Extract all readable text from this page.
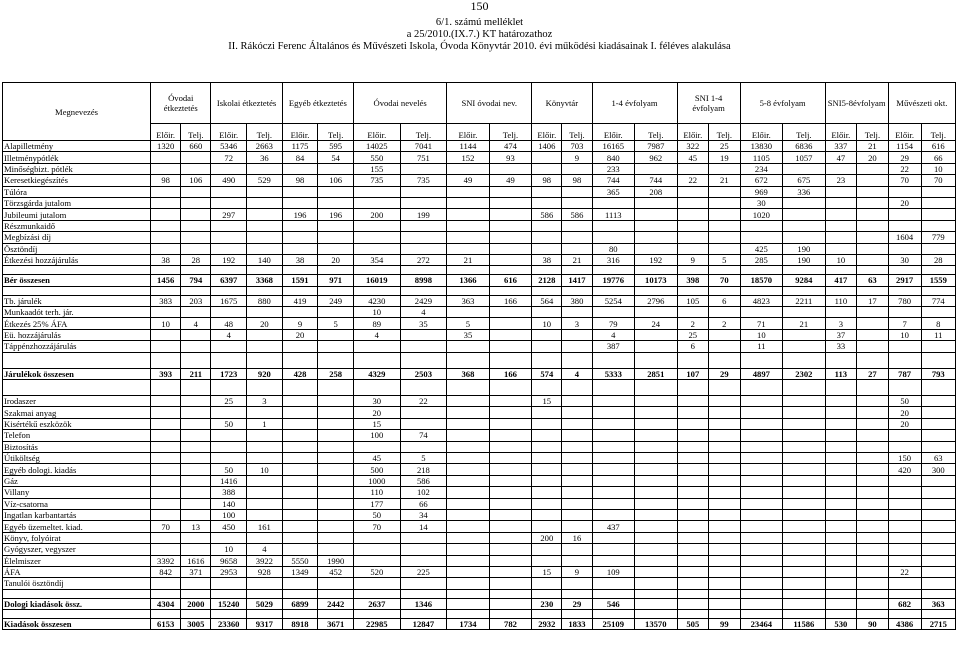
150
6/1. számú melléklet
a 25/2010.(IX.7.) KT határozathoz
II. Rákóczi Ferenc Általános és Művészeti Iskola, Óvoda Könyvtár 2010. évi működési kiadásainak I. féléves alakulása
Megnevezés	Óvodai étkeztetés		Iskolai étkeztetés		Egyéb étkeztetés		Óvodai nevelés		SNI óvodai nev.		Könyvtár		1-4 évfolyam		SNI 1-4 évfolyam		5-8 évfolyam		SNI5-8évfolyam		Művészeti okt.	
	Előir.	Telj.	Előir.	Telj.	Előir.	Telj.	Előir.	Telj.	Előir.	Telj.	Előir.	Telj.	Előir.	Telj.	Előir.	Telj.	Előir.	Telj.	Előir.	Telj.	Előir.	Telj.
Alapilletmény	1320	660	5346	2663	1175	595	14025	7041	1144	474	1406	703	16165	7987	322	25	13830	6836	337	21	1154	616
Illetménypótlék			72	36	84	54	550	751	152	93		9	840	962	45	19	1105	1057	47	20	29	66
Minőségbizt. pótlék							155						233				234				22	10
Keresetkiegészítés	98	106	490	529	98	106	735	735	49	49	98	98	744	744	22	21	672	675	23		70	70
Túlóra													365	208			969	336				
Törzsgárda jutalom																	30				20	
Jubileumi jutalom			297		196	196	200	199			586	586	1113				1020					
Részmunkaidő																						
Megbízási díj																					1604	779
Ösztöndíj													80				425	190				
Étkezési hozzájárulás	38	28	192	140	38	20	354	272	21		38	21	316	192	9	5	285	190	10		30	28

Bér összesen	1456	794	6397	3368	1591	971	16019	8998	1366	616	2128	1417	19776	10173	398	70	18570	9284	417	63	2917	1559

Tb. járulék	383	203	1675	880	419	249	4230	2429	363	166	564	380	5254	2796	105	6	4823	2211	110	17	780	774
Munkaadót terh. jár.							10	4														
Étkezés 25% ÁFA	10	4	48	20	9	5	89	35	5		10	3	79	24	2	2	71	21	3		7	8
Eü. hozzájárulás			4		20		4		35				4		25		10		37		10	11
Táppénzhozzájárulás													387		6		11		33			

Járulékok összesen	393	211	1723	920	428	258	4329	2503	368	166	574	4	5333	2851	107	29	4897	2302	113	27	787	793

Irodaszer			25	3			30	22			15										50	
Szakmai anyag							20														20	
Kisértékű eszközök			50	1			15														20	
Telefon							100	74														
Biztosítás																						
Útiköltség							45	5													150	63
Egyéb dologi. kiadás			50	10			500	218													420	300
Gáz			1416				1000	586														
Villany			388				110	102														
Víz-csatorna			140				177	66														
Ingatlan karbantartás			100				50	34														
Egyéb üzemeltet. kiad.	70	13	450	161			70	14					437									
Könyv, folyóirat											200	16										
Gyógyszer, vegyszer			10	4																		
Élelmiszer	3392	1616	9658	3922	5550	1990																
ÁFA	842	371	2953	928	1349	452	520	225			15	9	109								22	
Tanulói ösztöndíj																						

Dologi kiadások össz.	4304	2000	15240	5029	6899	2442	2637	1346			230	29	546								682	363

Kiadások összesen	6153	3005	23360	9317	8918	3671	22985	12847	1734	782	2932	1833	25109	13570	505	99	23464	11586	530	90	4386	2715
